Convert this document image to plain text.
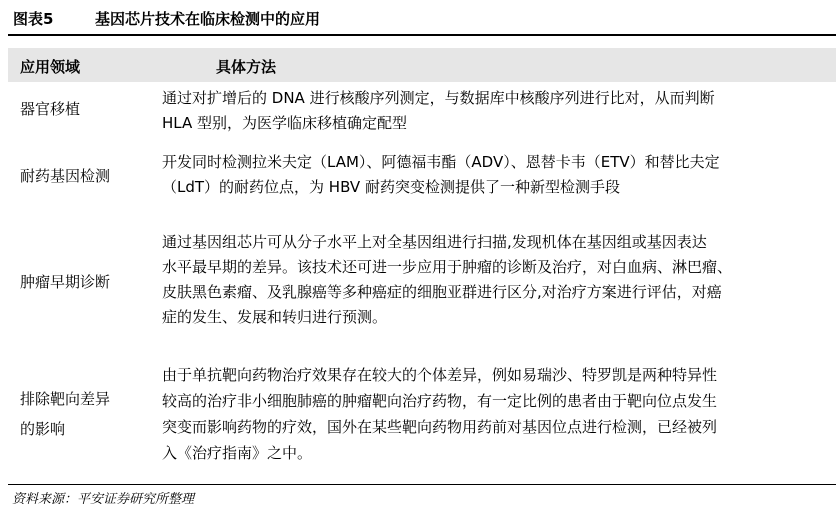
图表5	基因芯片技术在临床检测中的应用
应用领域	具体方法
器官移植
通过对扩增后的 DNA 进行核酸序列测定，与数据库中核酸序列进行比对，从而判断
HLA 型别，为医学临床移植确定配型
耐药基因检测
开发同时检测拉米夫定（LAM）、阿德福韦酯（ADV）、恩替卡韦（ETV）和替比夫定
（LdT）的耐药位点，为 HBV 耐药突变检测提供了一种新型检测手段
肿瘤早期诊断
通过基因组芯片可从分子水平上对全基因组进行扫描,发现机体在基因组或基因表达
水平最早期的差异。该技术还可进一步应用于肿瘤的诊断及治疗，对白血病、淋巴瘤、
皮肤黑色素瘤、及乳腺癌等多种癌症的细胞亚群进行区分,对治疗方案进行评估，对癌
症的发生、发展和转归进行预测。
排除靶向差异
的影响
由于单抗靶向药物治疗效果存在较大的个体差异，例如易瑞沙、特罗凯是两种特异性
较高的治疗非小细胞肺癌的肿瘤靶向治疗药物，有一定比例的患者由于靶向位点发生
突变而影响药物的疗效，国外在某些靶向药物用药前对基因位点进行检测，已经被列
入《治疗指南》之中。
资料来源：平安证券研究所整理
